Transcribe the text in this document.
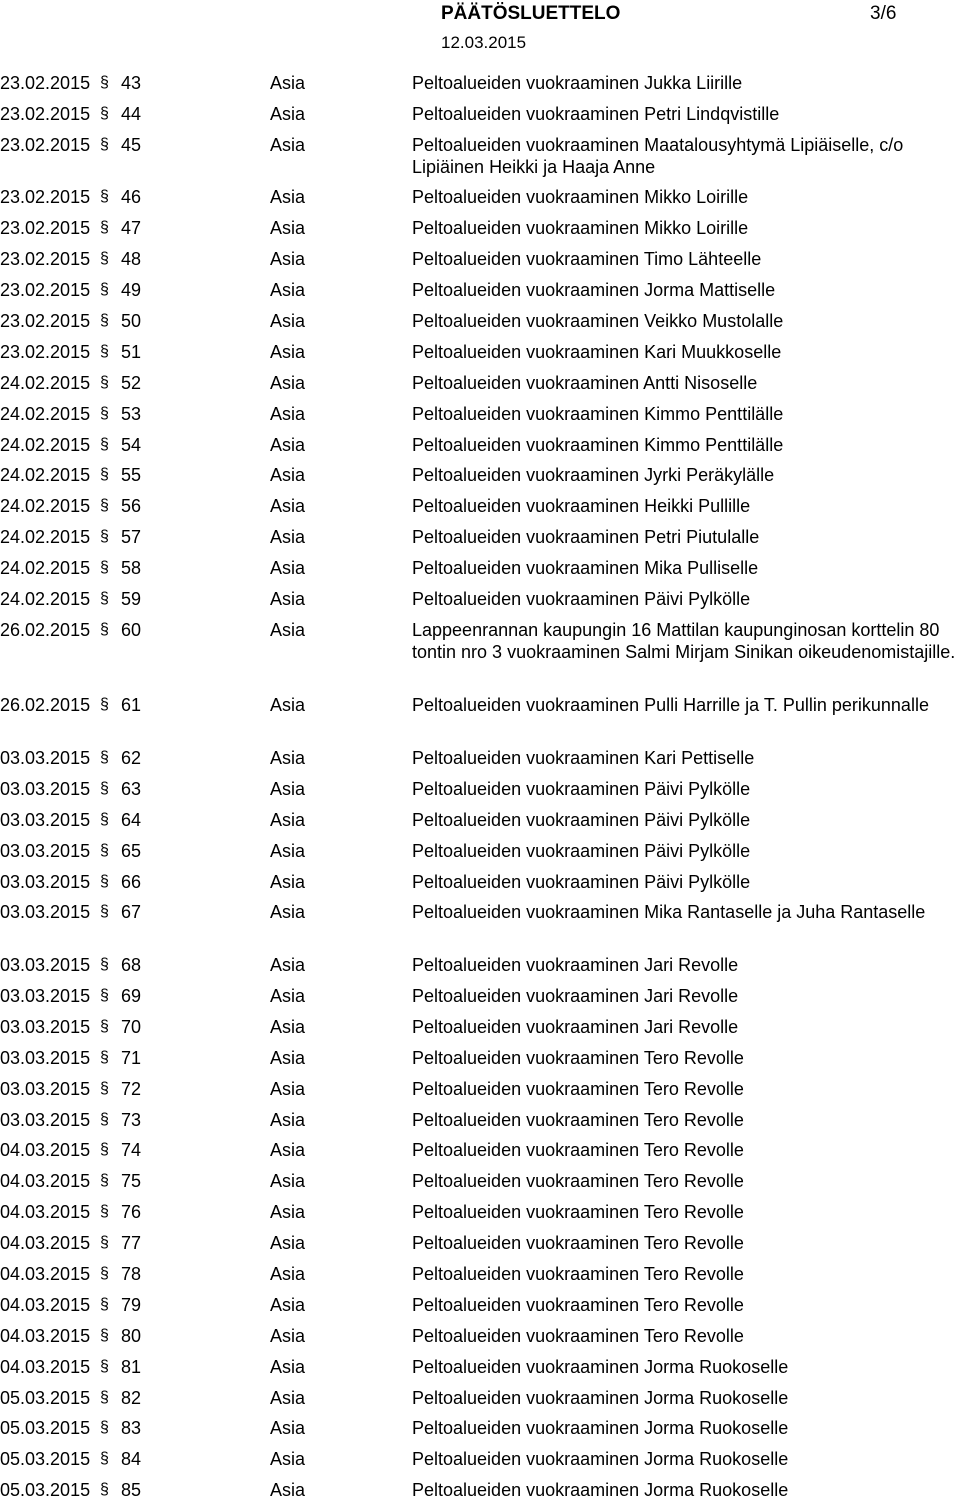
PÄÄTÖSLUETTELO	3/6
12.03.2015
23.02.2015 § 43	Asia	Peltoalueiden vuokraaminen Jukka Liirille
23.02.2015 § 44	Asia	Peltoalueiden vuokraaminen Petri Lindqvistille
23.02.2015 § 45	Asia	Peltoalueiden vuokraaminen Maatalousyhtymä Lipiäiselle, c/o Lipiäinen Heikki ja Haaja Anne
23.02.2015 § 46	Asia	Peltoalueiden vuokraaminen Mikko Loirille
23.02.2015 § 47	Asia	Peltoalueiden vuokraaminen Mikko Loirille
23.02.2015 § 48	Asia	Peltoalueiden vuokraaminen Timo Lähteelle
23.02.2015 § 49	Asia	Peltoalueiden vuokraaminen Jorma Mattiselle
23.02.2015 § 50	Asia	Peltoalueiden vuokraaminen Veikko Mustolalle
23.02.2015 § 51	Asia	Peltoalueiden vuokraaminen Kari Muukkoselle
24.02.2015 § 52	Asia	Peltoalueiden vuokraaminen Antti Nisoselle
24.02.2015 § 53	Asia	Peltoalueiden vuokraaminen Kimmo Penttilälle
24.02.2015 § 54	Asia	Peltoalueiden vuokraaminen Kimmo Penttilälle
24.02.2015 § 55	Asia	Peltoalueiden vuokraaminen Jyrki Peräkylälle
24.02.2015 § 56	Asia	Peltoalueiden vuokraaminen Heikki Pullille
24.02.2015 § 57	Asia	Peltoalueiden vuokraaminen Petri Piutulalle
24.02.2015 § 58	Asia	Peltoalueiden vuokraaminen Mika Pulliselle
24.02.2015 § 59	Asia	Peltoalueiden vuokraaminen Päivi Pylkölle
26.02.2015 § 60	Asia	Lappeenrannan kaupungin 16 Mattilan kaupunginosan korttelin 80 tontin nro 3 vuokraaminen Salmi Mirjam Sinikan oikeudenomistajille.
26.02.2015 § 61	Asia	Peltoalueiden vuokraaminen Pulli Harrille ja T. Pullin perikunnalle
03.03.2015 § 62	Asia	Peltoalueiden vuokraaminen Kari Pettiselle
03.03.2015 § 63	Asia	Peltoalueiden vuokraaminen Päivi Pylkölle
03.03.2015 § 64	Asia	Peltoalueiden vuokraaminen Päivi Pylkölle
03.03.2015 § 65	Asia	Peltoalueiden vuokraaminen Päivi Pylkölle
03.03.2015 § 66	Asia	Peltoalueiden vuokraaminen Päivi Pylkölle
03.03.2015 § 67	Asia	Peltoalueiden vuokraaminen Mika Rantaselle ja Juha Rantaselle
03.03.2015 § 68	Asia	Peltoalueiden vuokraaminen Jari Revolle
03.03.2015 § 69	Asia	Peltoalueiden vuokraaminen Jari Revolle
03.03.2015 § 70	Asia	Peltoalueiden vuokraaminen Jari Revolle
03.03.2015 § 71	Asia	Peltoalueiden vuokraaminen Tero Revolle
03.03.2015 § 72	Asia	Peltoalueiden vuokraaminen Tero Revolle
03.03.2015 § 73	Asia	Peltoalueiden vuokraaminen Tero Revolle
04.03.2015 § 74	Asia	Peltoalueiden vuokraaminen Tero Revolle
04.03.2015 § 75	Asia	Peltoalueiden vuokraaminen Tero Revolle
04.03.2015 § 76	Asia	Peltoalueiden vuokraaminen Tero Revolle
04.03.2015 § 77	Asia	Peltoalueiden vuokraaminen Tero Revolle
04.03.2015 § 78	Asia	Peltoalueiden vuokraaminen Tero Revolle
04.03.2015 § 79	Asia	Peltoalueiden vuokraaminen Tero Revolle
04.03.2015 § 80	Asia	Peltoalueiden vuokraaminen Tero Revolle
04.03.2015 § 81	Asia	Peltoalueiden vuokraaminen Jorma Ruokoselle
05.03.2015 § 82	Asia	Peltoalueiden vuokraaminen Jorma Ruokoselle
05.03.2015 § 83	Asia	Peltoalueiden vuokraaminen Jorma Ruokoselle
05.03.2015 § 84	Asia	Peltoalueiden vuokraaminen Jorma Ruokoselle
05.03.2015 § 85	Asia	Peltoalueiden vuokraaminen Jorma Ruokoselle
